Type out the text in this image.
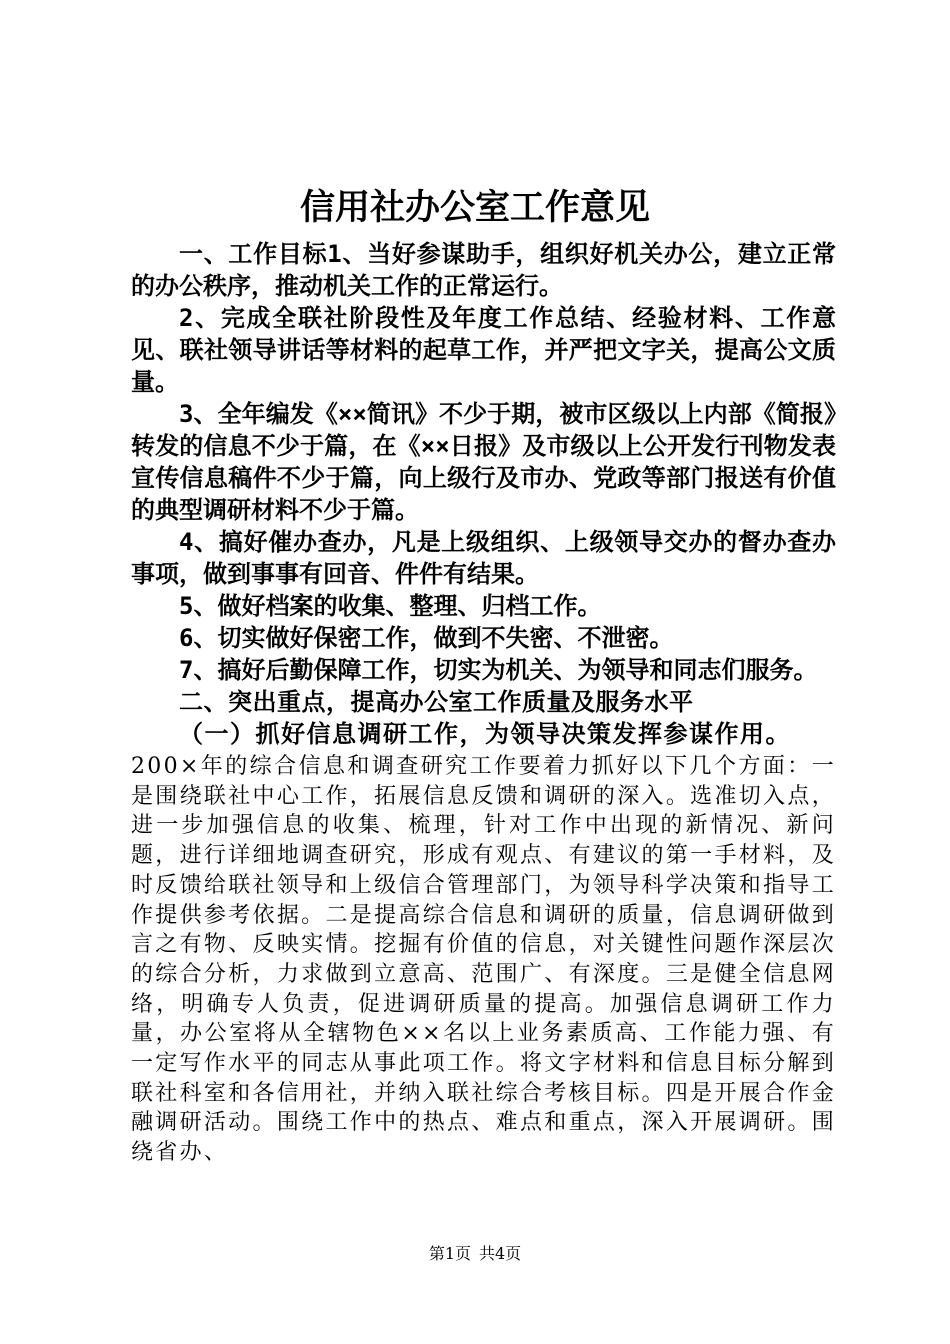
信用社办公室工作意见

一、工作目标1、当好参谋助手，组织好机关办公，建立正常的办公秩序，推动机关工作的正常运行。

2、完成全联社阶段性及年度工作总结、经验材料、工作意见、联社领导讲话等材料的起草工作，并严把文字关，提高公文质量。

3、全年编发《××简讯》不少于期，被市区级以上内部《简报》转发的信息不少于篇，在《××日报》及市级以上公开发行刊物发表宣传信息稿件不少于篇，向上级行及市办、党政等部门报送有价值的典型调研材料不少于篇。

4、搞好催办查办，凡是上级组织、上级领导交办的督办查办事项，做到事事有回音、件件有结果。

5、做好档案的收集、整理、归档工作。

6、切实做好保密工作，做到不失密、不泄密。

7、搞好后勤保障工作，切实为机关、为领导和同志们服务。

二、突出重点，提高办公室工作质量及服务水平

（一）抓好信息调研工作，为领导决策发挥参谋作用。

200×年的综合信息和调查研究工作要着力抓好以下几个方面：一是围绕联社中心工作，拓展信息反馈和调研的深入。选准切入点，进一步加强信息的收集、梳理，针对工作中出现的新情况、新问题，进行详细地调查研究，形成有观点、有建议的第一手材料，及时反馈给联社领导和上级信合管理部门，为领导科学决策和指导工作提供参考依据。二是提高综合信息和调研的质量，信息调研做到言之有物、反映实情。挖掘有价值的信息，对关键性问题作深层次的综合分析，力求做到立意高、范围广、有深度。三是健全信息网络，明确专人负责，促进调研质量的提高。加强信息调研工作力量，办公室将从全辖物色××名以上业务素质高、工作能力强、有一定写作水平的同志从事此项工作。将文字材料和信息目标分解到联社科室和各信用社，并纳入联社综合考核目标。四是开展合作金融调研活动。围绕工作中的热点、难点和重点，深入开展调研。围绕省办、

第1页 共4页
